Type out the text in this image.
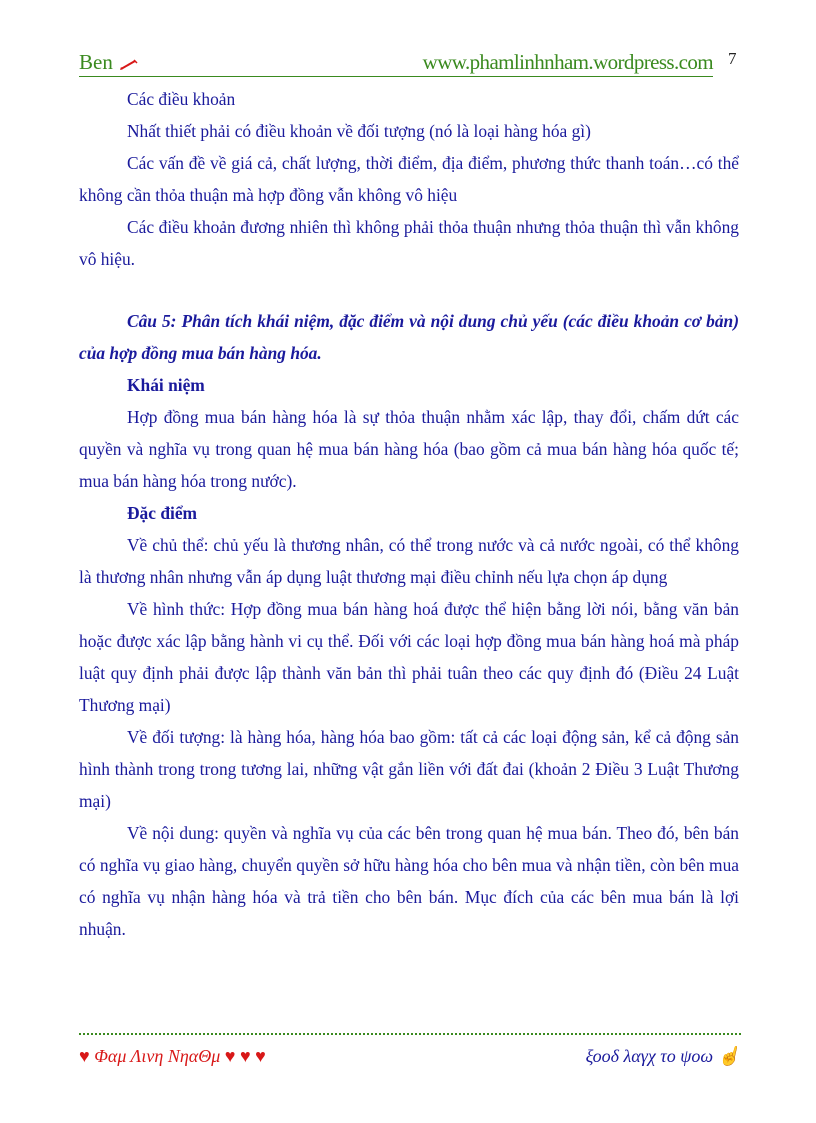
Ben	www.phamlinhnham.wordpress.com 7

Các điều khoản

Nhất thiết phải có điều khoản về đối tượng (nó là loại hàng hóa gì)

Các vấn đề về giá cả, chất lượng, thời điểm, địa điểm, phương thức thanh toán…có thể không cần thỏa thuận mà hợp đồng vẫn không vô hiệu

Các điều khoản đương nhiên thì không phải thỏa thuận nhưng thỏa thuận thì vẫn không vô hiệu.

Câu 5: Phân tích khái niệm, đặc điểm và nội dung chủ yếu (các điều khoản cơ bản) của hợp đồng mua bán hàng hóa.

Khái niệm

Hợp đồng mua bán hàng hóa là sự thỏa thuận nhằm xác lập, thay đổi, chấm dứt các quyền và nghĩa vụ trong quan hệ mua bán hàng hóa (bao gồm cả mua bán hàng hóa quốc tế; mua bán hàng hóa trong nước).

Đặc điểm

Về chủ thể: chủ yếu là thương nhân, có thể trong nước và cả nước ngoài, có thể không là thương nhân nhưng vẫn áp dụng luật thương mại điều chỉnh nếu lựa chọn áp dụng

Về hình thức: Hợp đồng mua bán hàng hoá được thể hiện bằng lời nói, bằng văn bản hoặc được xác lập bằng hành vi cụ thể. Đối với các loại hợp đồng mua bán hàng hoá mà pháp luật quy định phải được lập thành văn bản thì phải tuân theo các quy định đó (Điều 24 Luật Thương mại)

Về đối tượng: là hàng hóa, hàng hóa bao gồm: tất cả các loại động sản, kể cả động sản hình thành trong trong tương lai, những vật gắn liền với đất đai (khoản 2 Điều 3 Luật Thương mại)

Về nội dung: quyền và nghĩa vụ của các bên trong quan hệ mua bán. Theo đó, bên bán có nghĩa vụ giao hàng, chuyển quyền sở hữu hàng hóa cho bên mua và nhận tiền, còn bên mua có nghĩa vụ nhận hàng hóa và trả tiền cho bên bán. Mục đích của các bên mua bán là lợi nhuận.

♥ Φαμ Λινη ΝηαΘμ ♥ ♥ ♥	ξοοδ λαγχ το ψοω ☝
